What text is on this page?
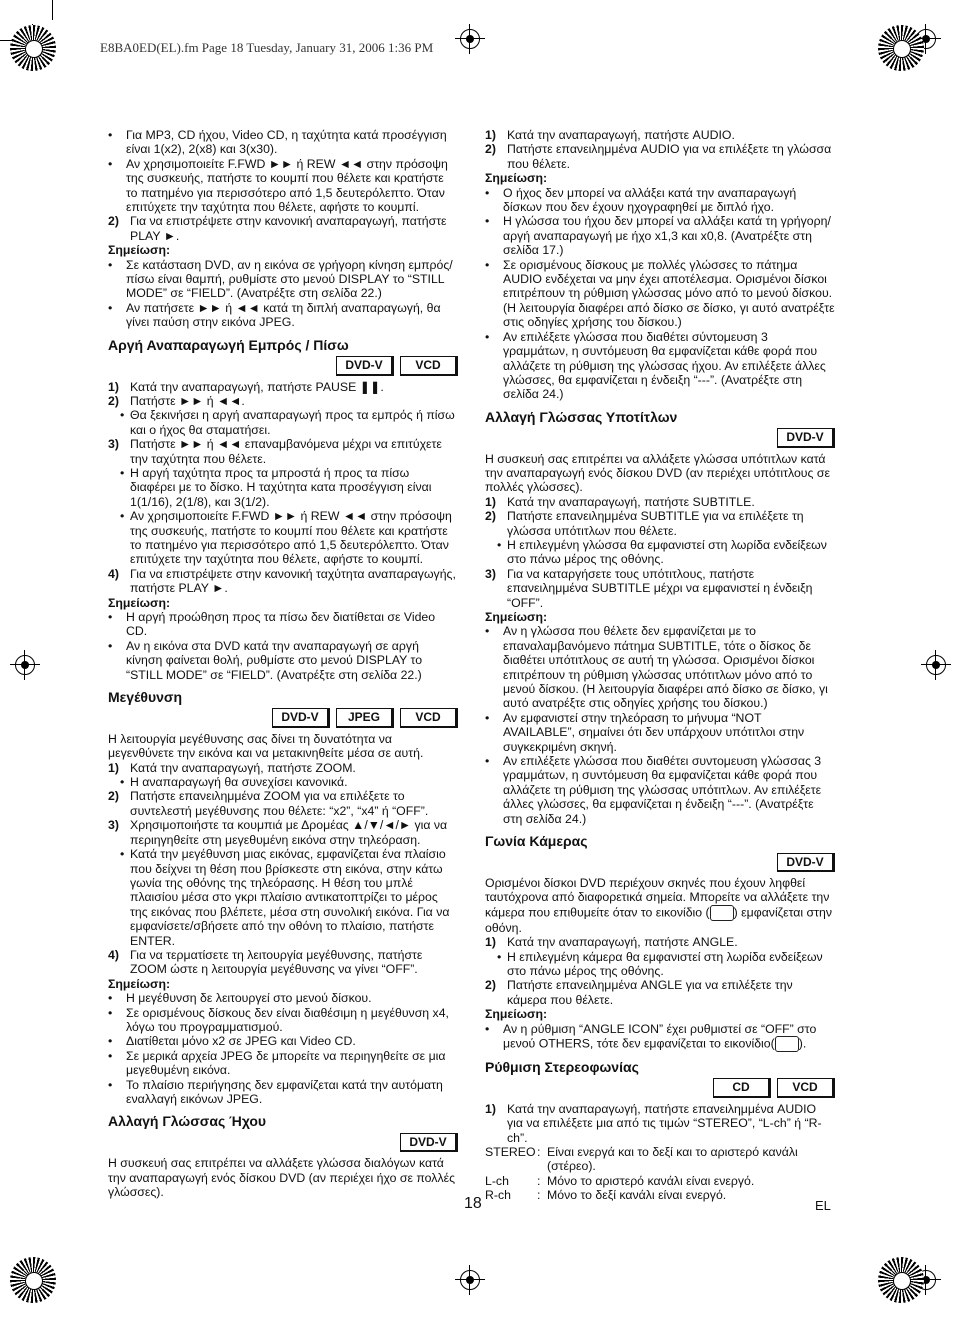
E8BA0ED(EL).fm Page 18 Tuesday, January 31, 2006 1:36 PM
•	Για MP3, CD ήχου, Video CD, η ταχύτητα κατά προσέγγιση είναι 1(x2), 2(x8) και 3(x30).
•	Αν χρησιμοποιείτε F.FWD ►► ή REW ◄◄ στην πρόσοψη της συσκευής, πατήστε το κουμπί που θέλετε και κρατήστε το πατημένο για περισσότερο από 1,5 δευτερόλεπτο. Όταν επιτύχετε την ταχύτητα που θέλετε, αφήστε το κουμπί.
2) Για να επιστρέψετε στην κανονική αναπαραγωγή, πατήστε PLAY ►.
Σημείωση:
•	Σε κατάσταση DVD, αν η εικόνα σε γρήγορη κίνηση εμπρός/πίσω είναι θαμπή, ρυθμίστε στο μενού DISPLAY το “STILL MODE” σε “FIELD”. (Ανατρέξτε στη σελίδα 22.)
•	Αν πατήσετε ►► ή ◄◄ κατά τη διπλή αναπαραγωγή, θα γίνει παύση στην εικόνα JPEG.
Αργή Αναπαραγωγή Εμπρός / Πίσω
DVD-V	VCD
1) Κατά την αναπαραγωγή, πατήστε PAUSE ❚❚.
2) Πατήστε ►► ή ◄◄.
• Θα ξεκινήσει η αργή αναπαραγωγή προς τα εμπρός ή πίσω και ο ήχος θα σταματήσει.
3) Πατήστε ►► ή ◄◄ επαναμβανόμενα μέχρι να επιτύχετε την ταχύτητα που θέλετε.
• Η αργή ταχύτητα προς τα μπροστά ή προς τα πίσω διαφέρει με το δίσκο. Η ταχύτητα κατα προσέγγιση είναι 1(1/16), 2(1/8), και 3(1/2).
• Αν χρησιμοποιείτε F.FWD ►► ή REW ◄◄ στην πρόσοψη της συσκευής, πατήστε το κουμπί που θέλετε και κρατήστε το πατημένο για περισσότερο από 1,5 δευτερόλεπτο. Όταν επιτύχετε την ταχύτητα που θέλετε, αφήστε το κουμπί.
4) Για να επιστρέψετε στην κανονική ταχύτητα αναπαραγωγής, πατήστε PLAY ►.
Σημείωση:
•	Η αργή προώθηση προς τα πίσω δεν διατίθεται σε Video CD.
•	Αν η εικόνα στα DVD κατά την αναπαραγωγή σε αργή κίνηση φαίνεται θολή, ρυθμίστε στο μενού DISPLAY το “STILL MODE” σε “FIELD”. (Ανατρέξτε στη σελίδα 22.)
Μεγέθυνση
DVD-V	JPEG	VCD

Η λειτουργία μεγέθυνσης σας δίνει τη δυνατότητα να μεγενθύνετε την εικόνα και να μετακινηθείτε μέσα σε αυτή.

1) Κατά την αναπαραγωγή, πατήστε ZOOM.
• Η αναπαραγωγή θα συνεχίσει κανονικά.
2) Πατήστε επανειλημμένα ZOOM για να επιλέξετε το συντελεστή μεγέθυνσης που θέλετε: “x2”, “x4” ή “OFF”.
3) Χρησιμοποιήστε τα κουμπιά με Δρομέας ▲/▼/◄/► για να περιηγηθείτε στη μεγεθυμένη εικόνα στην τηλεόραση.
• Κατά την μεγέθυνση μιας εικόνας, εμφανίζεται ένα πλαίσιο που δείχνει τη θέση που βρίσκεστε στη εικόνα, στην κάτω γωνία της οθόνης της τηλεόρασης. Η θέση του μπλέ πλαισίου μέσα στο γκρι πλαίσιο αντικατοπτρίζει το μέρος της εικόνας που βλέπετε, μέσα στη συνολική εικόνα. Για να εμφανίσετε/σβήσετε από την οθόνη το πλαίσιο, πατήστε ENTER.
4) Για να τερματίσετε τη λειτουργία μεγέθυνσης, πατήστε ZOOM ώστε η λειτουργία μεγέθυνσης να γίνει “OFF”.
Σημείωση:
•	Η μεγέθυνση δε λειτουργεί στο μενού δίσκου.
•	Σε ορισμένους δίσκους δεν είναι διαθέσιμη η μεγέθυνση x4, λόγω του προγραμματισμού.
•	Διατίθεται μόνο x2 σε JPEG και Video CD.
•	Σε μερικά αρχεία JPEG δε μπορείτε να περιηγηθείτε σε μια μεγεθυμένη εικόνα.
•	Το πλαίσιο περιήγησης δεν εμφανίζεται κατά την αυτόματη εναλλαγή εικόνων JPEG.
Αλλαγή Γλώσσας Ήχου
DVD-V

Η συσκευή σας επιτρέπει να αλλάξετε γλώσσα διαλόγων κατά την αναπαραγωγή ενός δίσκου DVD (αν περιέχει ήχο σε πολλές γλώσσες).

1) Κατά την αναπαραγωγή, πατήστε AUDIO.
2) Πατήστε επανειλημμένα AUDIO για να επιλέξετε τη γλώσσα που θέλετε.
Σημείωση:
•	Ο ήχος δεν μπορεί να αλλάξει κατά την αναπαραγωγή δίσκων που δεν έχουν ηχογραφηθεί με διπλό ήχο.
•	Η γλώσσα του ήχου δεν μπορεί να αλλάξει κατά τη γρήγορη/αργή αναπαραγωγή με ήχο x1,3 και x0,8. (Ανατρέξτε στη σελίδα 17.)
•	Σε ορισμένους δίσκους με πολλές γλώσσες το πάτημα AUDIO ενδέχεται να μην έχει αποτέλεσμα. Ορισμένοι δίσκοι επιτρέπουν τη ρύθμιση γλώσσας μόνο από το μενού δίσκου. (Η λειτουργία διαφέρει από δίσκο σε δίσκο, γι αυτό ανατρέξτε στις οδηγίες χρήσης του δίσκου.)
•	Αν επιλέξετε γλώσσα που διαθέτει σύντομευση 3 γραμμάτων, η συντόμευση θα εμφανίζεται κάθε φορά που αλλάζετε τη ρύθμιση της γλώσσας ήχου. Αν επιλέξετε άλλες γλώσσες, θα εμφανίζεται η ένδειξη “---”. (Ανατρέξτε στη σελίδα 24.)
Αλλαγή Γλώσσας Υποτίτλων
DVD-V

Η συσκευή σας επιτρέπει να αλλάξετε γλώσσα υπότιτλων κατά την αναπαραγωγή ενός δίσκου DVD (αν περιέχει υπότιτλους σε πολλές γλώσσες).

1) Κατά την αναπαραγωγή, πατήστε SUBTITLE.
2) Πατήστε επανειλημμένα SUBTITLE για να επιλέξετε τη γλώσσα υπότιτλων που θέλετε.
• Η επιλεγμένη γλώσσα θα εμφανιστεί στη λωρίδα ενδείξεων στο πάνω μέρος της οθόνης.
3) Για να καταργήσετε τους υπότιτλους, πατήστε επανειλημμένα SUBTITLE μέχρι να εμφανιστεί η ένδειξη “OFF”.
Σημείωση:
•	Αν η γλώσσα που θέλετε δεν εμφανίζεται με το επαναλαμβανόμενο πάτημα SUBTITLE, τότε ο δίσκος δε διαθέτει υπότιτλους σε αυτή τη γλώσσα. Ορισμένοι δίσκοι επιτρέπουν τη ρύθμιση γλώσσας υπότιτλων μόνο από το μενού δίσκου. (Η λειτουργία διαφέρει από δίσκο σε δίσκο, γι αυτό ανατρέξτε στις οδηγίες χρήσης του δίσκου.)
•	Αν εμφανιστεί στην τηλεόραση το μήνυμα “NOT AVAILABLE”, σημαίνει ότι δεν υπάρχουν υπότιτλοι στην συγκεκριμένη σκηνή.
•	Αν επιλέξετε γλώσσα που διαθέτει συντομευση γλώσσας 3 γραμμάτων, η συντόμευση θα εμφανίζεται κάθε φορά που αλλάζετε τη ρύθμιση της γλώσσας υπότιτλων. Αν επιλέξετε άλλες γλώσσες, θα εμφανίζεται η ένδειξη “---”. (Ανατρέξτε στη σελίδα 24.)
Γωνία Κάμερας
DVD-V

Ορισμένοι δίσκοι DVD περιέχουν σκηνές που έχουν ληφθεί ταυτόχρονα από διαφορετικά σημεία. Μπορείτε να αλλάξετε την κάμερα που επιθυμείτε όταν το εικονίδιο ( ) εμφανίζεται στην οθόνη.

1) Κατά την αναπαραγωγή, πατήστε ANGLE.
• Η επιλεγμένη κάμερα θα εμφανιστεί στη λωρίδα ενδείξεων στο πάνω μέρος της οθόνης.
2) Πατήστε επανειλημμένα ANGLE για να επιλέξετε την κάμερα που θέλετε.
Σημείωση:
•	Αν η ρύθμιση “ANGLE ICON” έχει ρυθμιστεί σε “OFF” στο μενού OTHERS, τότε δεν εμφανίζεται το εικονίδιο( ).
Ρύθμιση Στερεοφωνίας
CD	VCD
1) Κατά την αναπαραγωγή, πατήστε επανειλημμένα AUDIO για να επιλέξετε μια από τις τιμών “STEREO”, “L-ch” ή “R-ch”.
STEREO : Είναι ενεργά και το δεξί και το αριστερό κανάλι (στέρεο).
L-ch	: Μόνο το αριστερό κανάλι είναι ενεργό.
R-ch	: Μόνο το δεξί κανάλι είναι ενεργό.
18	EL
